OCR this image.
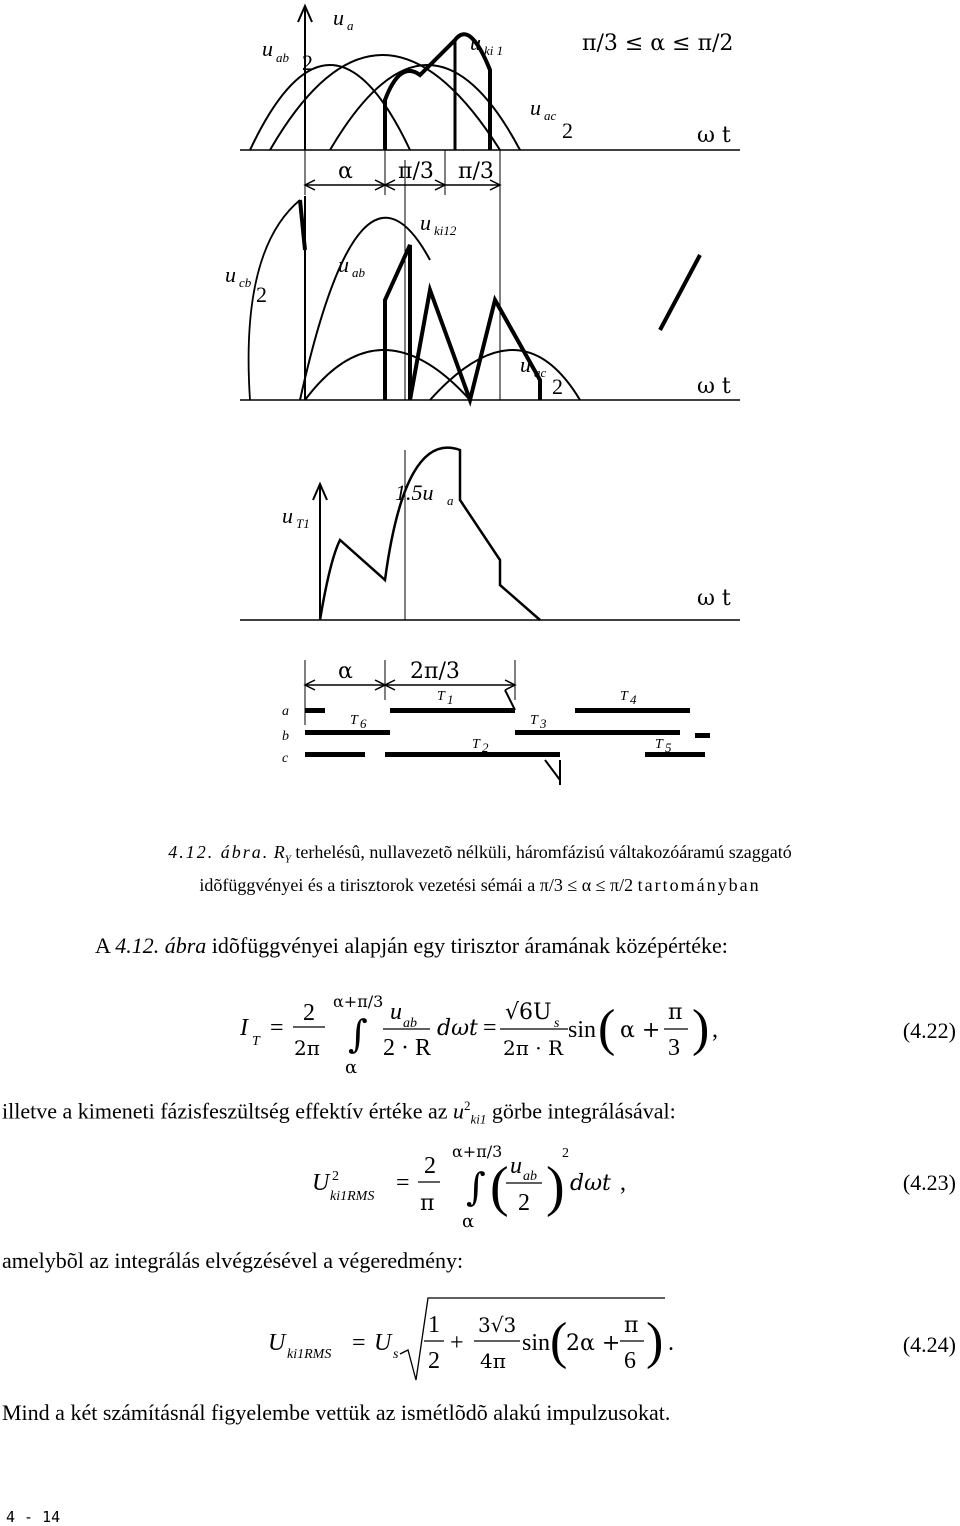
u ab 2
u a
u ki 1	π/3 ≤ α ≤ π/2
u ac
2	ω t
α π/3 π/3
u ki12
u cb 2
u ab
u ac
2	ω t
1.5u a
u T1
ω t
α	2π/3
a
b
c
T 1	T 4
T 6	T 3
T 2	T 5
4.12. ábra. $R_Y$ terhelésû, nullavezetõ nélküli, háromfázisú váltakozóáramú szaggató
idõfüggvényei és a tirisztorok vezetési sémái a π/3 ≤ α ≤ π/2 tartományban
A 4.12. ábra idõfüggvényei alapján egy tirisztor áramának középértéke:
I
T
=
2
2π
α+π/3
∫
α
u ab
2 · R
dωt =
√6U s
2π · R
sin ( α +
π
3 ) ,	(4.22)
illetve a kimeneti fázisfeszültség effektív értéke az $u^2_{ki1}$ görbe integrálásával:
U 2
ki1RMS
=
2
π
α+π/3
∫
α
( u ab
2 )
2
dωt ,	(4.23)
amelybõl az integrálás elvégzésével a végeredmény:
U ki1RMS = U s
1
2
+
3√3
4π
sin (
2α +
π
6 ) .	(4.24)
Mind a két számításnál figyelembe vettük az ismétlõdõ alakú impulzusokat.
4 - 14
